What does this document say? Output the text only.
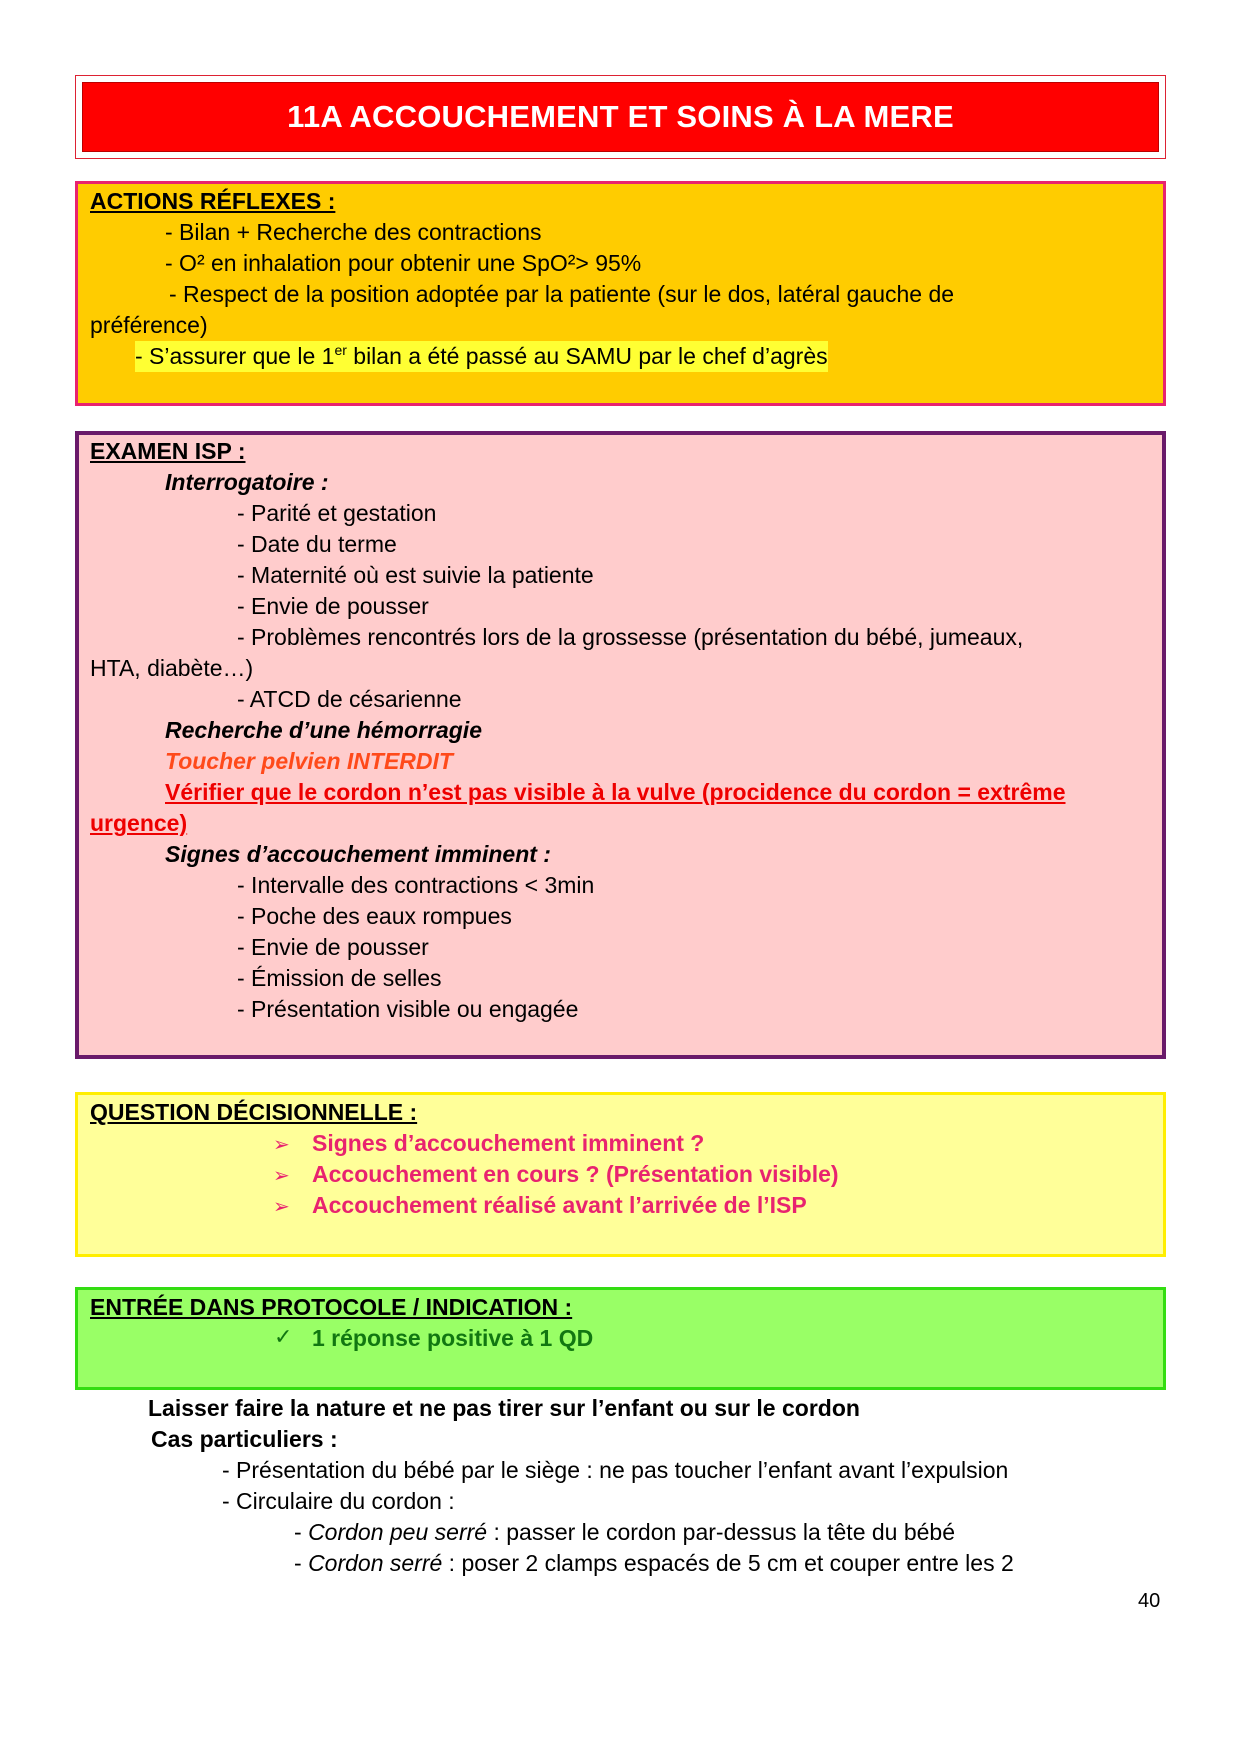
11A ACCOUCHEMENT ET SOINS À LA MERE
ACTIONS RÉFLEXES :
- Bilan + Recherche des contractions
- O² en inhalation pour obtenir une SpO²> 95%
- Respect de la position adoptée par la patiente (sur le dos, latéral gauche de
préférence)
- S’assurer que le 1er bilan a été passé au SAMU par le chef d’agrès
EXAMEN ISP :
Interrogatoire :
- Parité et gestation
- Date du terme
- Maternité où est suivie la patiente
- Envie de pousser
- Problèmes rencontrés lors de la grossesse (présentation du bébé, jumeaux,
HTA, diabète…)
- ATCD de césarienne
Recherche d’une hémorragie
Toucher pelvien INTERDIT
Vérifier que le cordon n’est pas visible à la vulve (procidence du cordon = extrême
urgence)
Signes d’accouchement imminent :
- Intervalle des contractions < 3min
- Poche des eaux rompues
- Envie de pousser
- Émission de selles
- Présentation visible ou engagée
QUESTION DÉCISIONNELLE :
➢ Signes d’accouchement imminent ?
➢ Accouchement en cours ? (Présentation visible)
➢ Accouchement réalisé avant l’arrivée de l’ISP
ENTRÉE DANS PROTOCOLE / INDICATION :
✓ 1 réponse positive à 1 QD
Laisser faire la nature et ne pas tirer sur l’enfant ou sur le cordon
Cas particuliers :
- Présentation du bébé par le siège : ne pas toucher l’enfant avant l’expulsion
- Circulaire du cordon :
- Cordon peu serré : passer le cordon par-dessus la tête du bébé
- Cordon serré : poser 2 clamps espacés de 5 cm et couper entre les 2
40
